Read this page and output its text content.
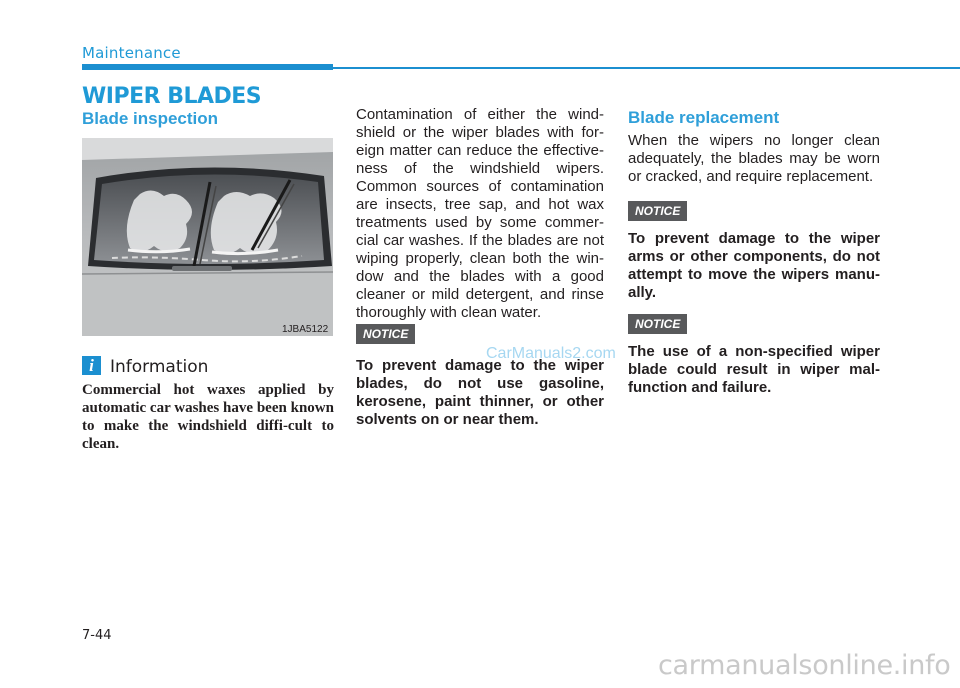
Maintenance
WIPER BLADES
Blade inspection
1JBA5122
i Information

Commercial hot waxes applied by automatic car washes have been known to make the windshield diffi-cult to clean.

Contamination of either the wind-shield or the wiper blades with for-eign matter can reduce the effective-ness of the windshield wipers. Common sources of contamination are insects, tree sap, and hot wax treatments used by some commer-cial car washes. If the blades are not wiping properly, clean both the win-dow and the blades with a good cleaner or mild detergent, and rinse thoroughly with clean water.

NOTICE

To prevent damage to the wiper blades, do not use gasoline, kerosene, paint thinner, or other solvents on or near them.

Blade replacement

When the wipers no longer clean adequately, the blades may be worn or cracked, and require replacement.

NOTICE

To prevent damage to the wiper arms or other components, do not attempt to move the wipers manu-ally.

NOTICE

The use of a non-specified wiper blade could result in wiper mal-function and failure.

7-44
CarManuals2.com
carmanualsonline.info
